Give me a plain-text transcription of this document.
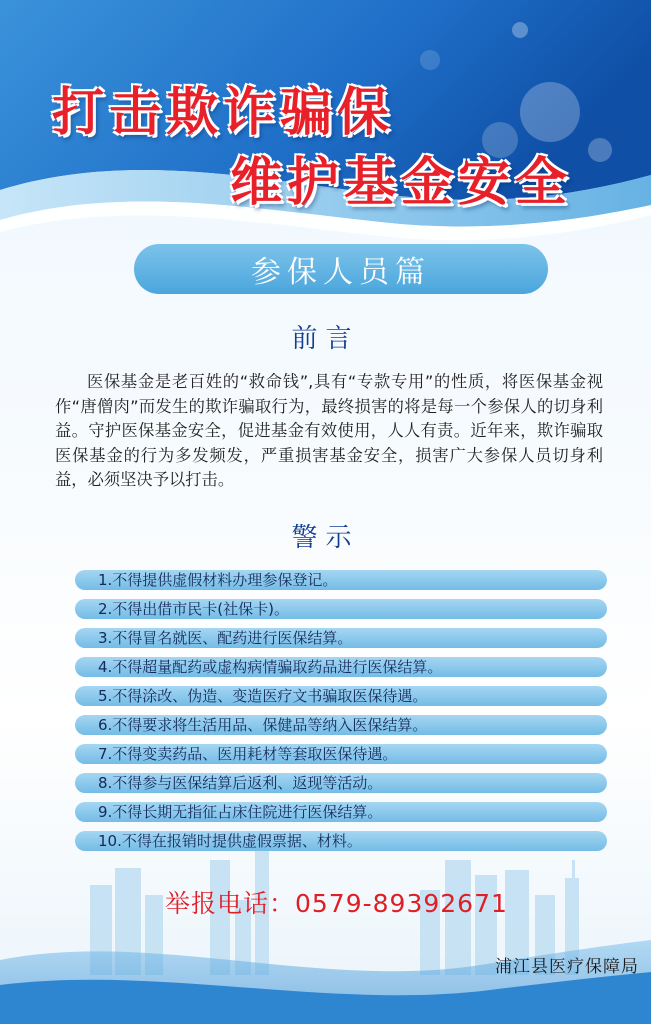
打击欺诈骗保
维护基金安全
参保人员篇
前言

医保基金是老百姓的“救命钱”,具有“专款专用”的性质，将医保基金视作“唐僧肉”而发生的欺诈骗取行为，最终损害的将是每一个参保人的切身利益。守护医保基金安全，促进基金有效使用，人人有责。近年来，欺诈骗取医保基金的行为多发频发，严重损害基金安全，损害广大参保人员切身利益，必须坚决予以打击。

警示
1.不得提供虚假材料办理参保登记。
2.不得出借市民卡(社保卡)。
3.不得冒名就医、配药进行医保结算。
4.不得超量配药或虚构病情骗取药品进行医保结算。
5.不得涂改、伪造、变造医疗文书骗取医保待遇。
6.不得要求将生活用品、保健品等纳入医保结算。
7.不得变卖药品、医用耗材等套取医保待遇。
8.不得参与医保结算后返利、返现等活动。
9.不得长期无指征占床住院进行医保结算。
10.不得在报销时提供虚假票据、材料。

举报电话：0579-89392671

浦江县医疗保障局
